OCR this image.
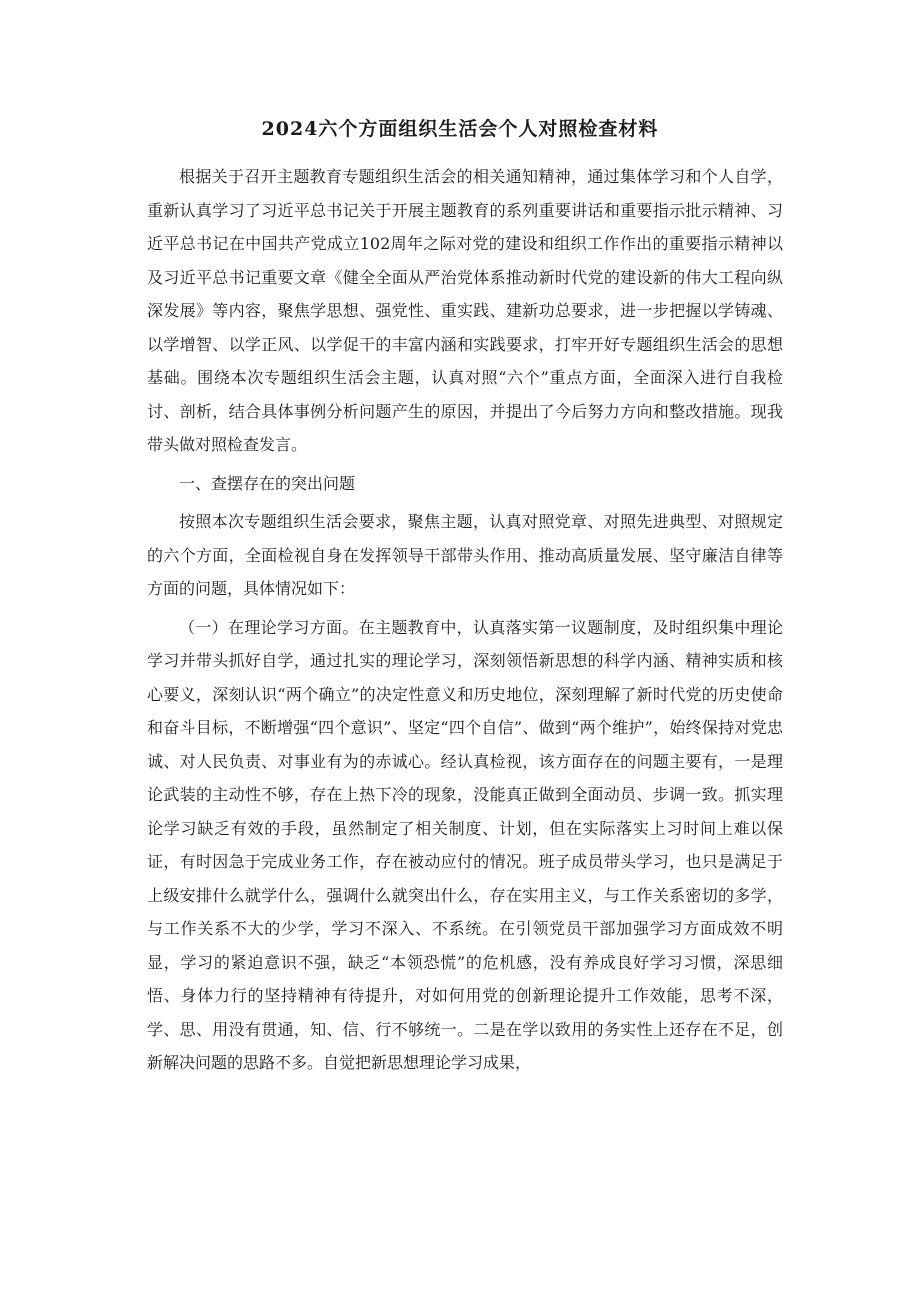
2024六个方面组织生活会个人对照检查材料

根据关于召开主题教育专题组织生活会的相关通知精神，通过集体学习和个人自学，重新认真学习了习近平总书记关于开展主题教育的系列重要讲话和重要指示批示精神、习近平总书记在中国共产党成立102周年之际对党的建设和组织工作作出的重要指示精神以及习近平总书记重要文章《健全全面从严治党体系推动新时代党的建设新的伟大工程向纵深发展》等内容，聚焦学思想、强党性、重实践、建新功总要求，进一步把握以学铸魂、以学增智、以学正风、以学促干的丰富内涵和实践要求，打牢开好专题组织生活会的思想基础。围绕本次专题组织生活会主题，认真对照“六个”重点方面，全面深入进行自我检讨、剖析，结合具体事例分析问题产生的原因，并提出了今后努力方向和整改措施。现我带头做对照检查发言。

一、查摆存在的突出问题

按照本次专题组织生活会要求，聚焦主题，认真对照党章、对照先进典型、对照规定的六个方面，全面检视自身在发挥领导干部带头作用、推动高质量发展、坚守廉洁自律等方面的问题，具体情况如下：

（一）在理论学习方面。在主题教育中，认真落实第一议题制度，及时组织集中理论学习并带头抓好自学，通过扎实的理论学习，深刻领悟新思想的科学内涵、精神实质和核心要义，深刻认识“两个确立”的决定性意义和历史地位，深刻理解了新时代党的历史使命和奋斗目标，不断增强“四个意识”、坚定“四个自信”、做到“两个维护”，始终保持对党忠诚、对人民负责、对事业有为的赤诚心。经认真检视，该方面存在的问题主要有，一是理论武装的主动性不够，存在上热下冷的现象，没能真正做到全面动员、步调一致。抓实理论学习缺乏有效的手段，虽然制定了相关制度、计划，但在实际落实上习时间上难以保证，有时因急于完成业务工作，存在被动应付的情况。班子成员带头学习，也只是满足于上级安排什么就学什么，强调什么就突出什么，存在实用主义，与工作关系密切的多学，与工作关系不大的少学，学习不深入、不系统。在引领党员干部加强学习方面成效不明显，学习的紧迫意识不强，缺乏“本领恐慌”的危机感，没有养成良好学习习惯，深思细悟、身体力行的坚持精神有待提升，对如何用党的创新理论提升工作效能，思考不深，学、思、用没有贯通，知、信、行不够统一。二是在学以致用的务实性上还存在不足，创新解决问题的思路不多。自觉把新思想理论学习成果，
